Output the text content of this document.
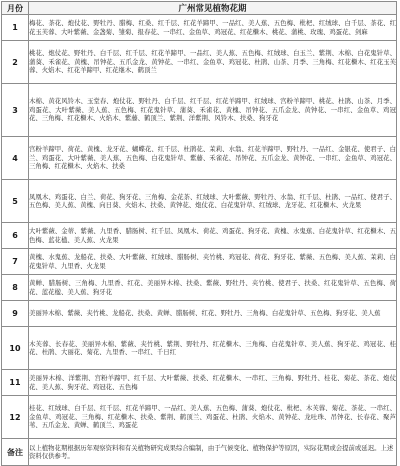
月份	广州常见植物花期
1	梅花、茶花、炮仗花、野牡丹、腊梅、红桑、红千层、红花羊蹄甲、一品红、美人蕉、五色梅、枇杷、红绒球、白千层、茶花、红花玉芙蓉、大叶紫薇、金盏菊、雏菊、报春花、一串红、金鱼草、鸡冠花、红花檵木、桃花、蒲桃、玫瑰、鸡蛋花、剑麻
2	桃花、炮仗花、野牡丹、白千层、红千层、红花羊蹄甲、一品红、美人蕉、五色梅、红绒球、白玉兰、紫荆、木棉、白花鬼针草、蒲葵、禾雀花、黄槐、吊钟花、五爪金龙、黄钟花、一串红、金鱼草、鸡冠花、杜鹃、山茶、月季、三角梅、红花檵木、红花玉芙蓉、火焰木、红花羊蹄甲、红花继木、鹤顶兰
3	木棉、黄花风铃木、玉堂春、炮仗花、野牡丹、白千层、红千层、红花羊蹄甲、红绒球、宫粉羊蹄甲、桃花、杜鹃、山茶、月季、鸡蛋花、大叶紫薇、美人蕉、五色梅、红花鬼针草、蒲葵、禾雀花、黄槐、吊钟花、五爪金龙、黄钟花、一串红、金鱼草、鸡冠花、三角梅、红花檵木、火焰木、紫藤、鹤顶兰、紫荆、洋紫荆、风铃木、扶桑、狗牙花
4	宫粉羊蹄甲、荷花、黄槐、龙牙花、蝴蝶花、红千层、杜鹃花、茉莉、水翁、红花羊蹄甲、野牡丹、一品红、金银花、使君子、白兰、鸡蛋花、大叶紫薇、美人蕉、五色梅、白花鬼针草、紫藤、禾雀花、吊钟花、五爪金龙、黄钟花、一串红、金鱼草、鸡冠花、三角梅、红花檵木、火焰木、扶桑
5	凤凰木、鸡蛋花、白兰、荷花、狗牙花、三角梅、金花茶、红绒球、大叶紫薇、野牡丹、水翁、红千层、杜鹃、一品红、使君子、五色梅、美人蕉、黄槐、向日葵、火焰木、扶桑、黄钟花、炮仗花、白花鬼针草、红绒球、龙牙花、红花檵木、火龙果
6	大叶紫薇、金蒂、紫薇、九里香、腊肠树、红千层、凤凰木、荷花、鸡蛋花、狗牙花、黄槐、水鬼蕉、白花鬼针草、红花檵木、五色梅、蓝花楹、美人蕉、火龙果
7	黄槐、水鬼蕉、龙船花、扶桑、大叶紫薇、红绒球、腊肠树、夹竹桃、鸡冠花、荷花、狗牙花、紫薇、五色梅、美人蕉、茉莉、白花鬼针草、九里香、火龙果
8	黄蝉、腊肠树、三角梅、九里香、红花、美丽异木棉、扶桑、紫薇、野牡丹、夹竹桃、使君子、扶桑、红花鬼针草、五色梅、荷花、蓝花楹、美人蕉、狗牙花
9	美丽异木棉、紫薇、夹竹桃、龙船花、扶桑、黄蝉、腊肠树、红花、野牡丹、三角梅、白花鬼针草、五色梅、狗牙花、美人蕉
10	木芙蓉、长春花、美丽异木棉、紫薇、夹竹桃、紫荆、野牡丹、红花檵木、三角梅、白花鬼针草、美人蕉、狗牙花、鸡冠花、桂花、杜鹃、大丽花、菊花、九里香、一串红、千日红
11	美丽异木棉、洋紫荆、宫粉羊蹄甲、红千层、大叶紫薇、扶桑、红花檵木、一串红、三角梅、野牡丹、桂花、菊花、茶花、炮仗花、美人蕉、狗牙花、鸡冠花、五色梅
12	桂花、红绒球、白千层、红千层、红花羊蹄甲、一品红、美人蕉、五色梅、蒲葵、炮仗花、枇杷、木芙蓉、菊花、茶花、一串红、金鱼草、鸡冠花、三角梅、红花檵木、扶桑、紫荆、鹤顶兰、鸡蛋花、杜鹃、火焰木、黄钟花、龙吐珠、吊钟花、长春花、聚芦苇、五爪金龙、黄蝉、鹤顶兰、鸡蛋花
备注	以上植物花期根据历年观察资料和有关植物研究成果综合编制，由于气候变化、植物保护等原因，实际花期或会提前或延迟。上述资料仅供参考。
